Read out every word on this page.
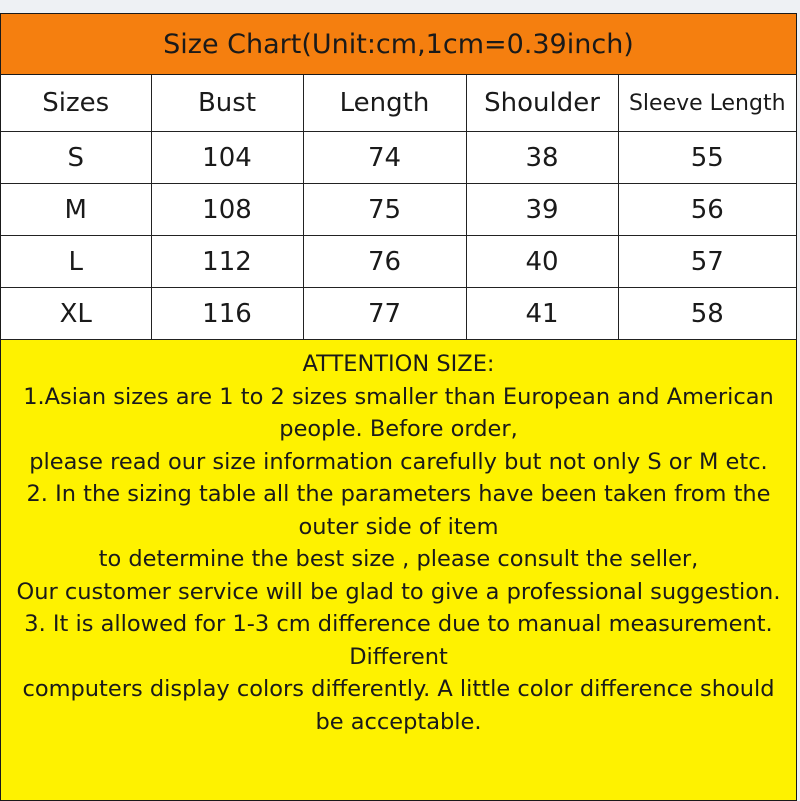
Size Chart(Unit:cm,1cm=0.39inch)
Sizes	Bust	Length	Shoulder	Sleeve Length
S	104	74	38	55
M	108	75	39	56
L	112	76	40	57
XL	116	77	41	58
ATTENTION SIZE:
1.Asian sizes are 1 to 2 sizes smaller than European and American
people. Before order,
please read our size information carefully but not only S or M etc.
2. In the sizing table all the parameters have been taken from the
outer side of item
to determine the best size , please consult the seller,
Our customer service will be glad to give a professional suggestion.
3. It is allowed for 1-3 cm difference due to manual measurement.
Different
computers display colors differently. A little color difference should
be acceptable.
